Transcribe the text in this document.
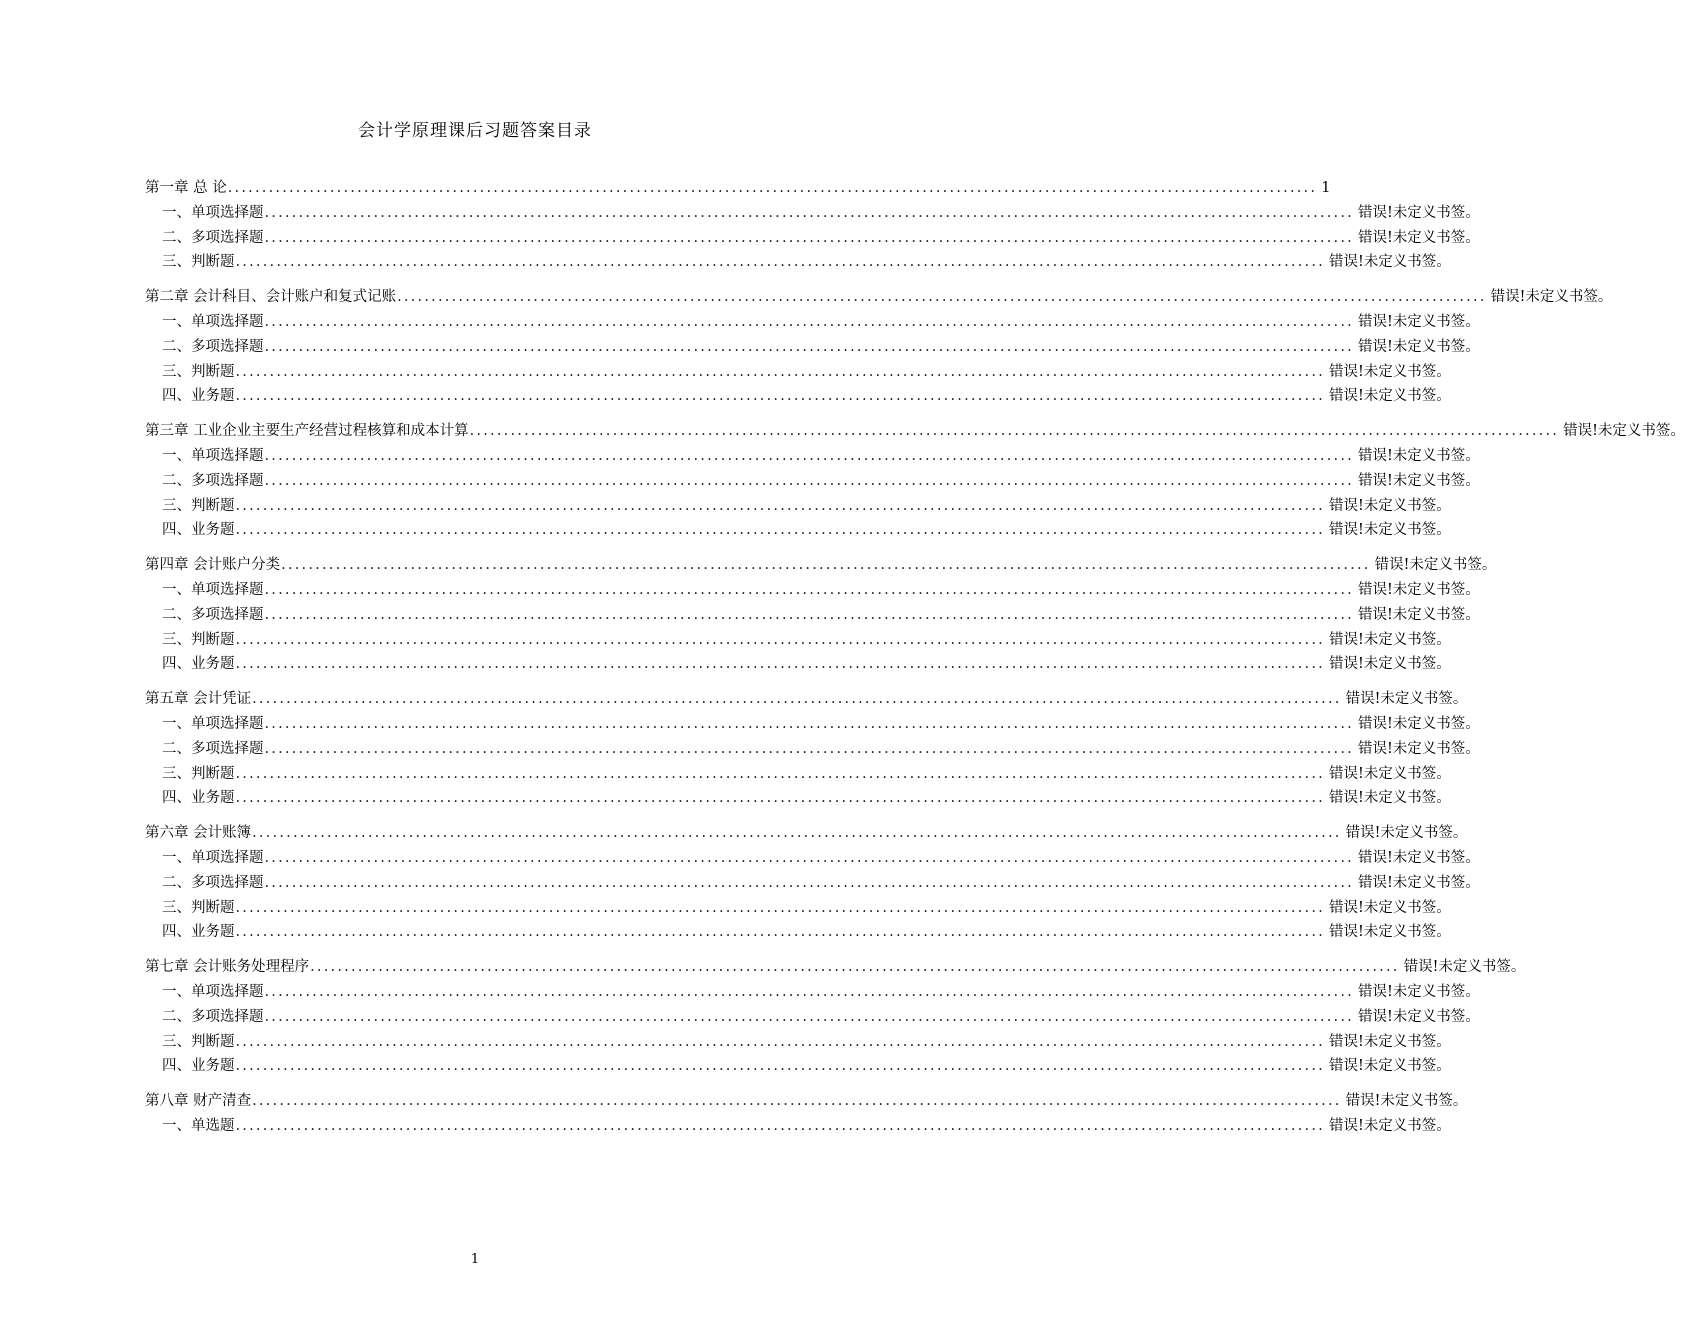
会计学原理课后习题答案目录
第一章 总 论 ................................................................................................................................................................ 1
一、单项选择题 ................................................................................................................................................................ 错误!未定义书签。
二、多项选择题 ................................................................................................................................................................ 错误!未定义书签。
三、判断题 ................................................................................................................................................................ 错误!未定义书签。
第二章 会计科目、会计账户和复式记账 ................................................................................................................................................................ 错误!未定义书签。
一、单项选择题 ................................................................................................................................................................ 错误!未定义书签。
二、多项选择题 ................................................................................................................................................................ 错误!未定义书签。
三、判断题 ................................................................................................................................................................ 错误!未定义书签。
四、业务题 ................................................................................................................................................................ 错误!未定义书签。
第三章 工业企业主要生产经营过程核算和成本计算 ................................................................................................................................................................ 错误!未定义书签。
一、单项选择题 ................................................................................................................................................................ 错误!未定义书签。
二、多项选择题 ................................................................................................................................................................ 错误!未定义书签。
三、判断题 ................................................................................................................................................................ 错误!未定义书签。
四、业务题 ................................................................................................................................................................ 错误!未定义书签。
第四章 会计账户分类 ................................................................................................................................................................ 错误!未定义书签。
一、单项选择题 ................................................................................................................................................................ 错误!未定义书签。
二、多项选择题 ................................................................................................................................................................ 错误!未定义书签。
三、判断题 ................................................................................................................................................................ 错误!未定义书签。
四、业务题 ................................................................................................................................................................ 错误!未定义书签。
第五章 会计凭证 ................................................................................................................................................................ 错误!未定义书签。
一、单项选择题 ................................................................................................................................................................ 错误!未定义书签。
二、多项选择题 ................................................................................................................................................................ 错误!未定义书签。
三、判断题 ................................................................................................................................................................ 错误!未定义书签。
四、业务题 ................................................................................................................................................................ 错误!未定义书签。
第六章 会计账簿 ................................................................................................................................................................ 错误!未定义书签。
一、单项选择题 ................................................................................................................................................................ 错误!未定义书签。
二、多项选择题 ................................................................................................................................................................ 错误!未定义书签。
三、判断题 ................................................................................................................................................................ 错误!未定义书签。
四、业务题 ................................................................................................................................................................ 错误!未定义书签。
第七章 会计账务处理程序 ................................................................................................................................................................ 错误!未定义书签。
一、单项选择题 ................................................................................................................................................................ 错误!未定义书签。
二、多项选择题 ................................................................................................................................................................ 错误!未定义书签。
三、判断题 ................................................................................................................................................................ 错误!未定义书签。
四、业务题 ................................................................................................................................................................ 错误!未定义书签。
第八章 财产清查 ................................................................................................................................................................ 错误!未定义书签。
一、单选题 ................................................................................................................................................................ 错误!未定义书签。
1
